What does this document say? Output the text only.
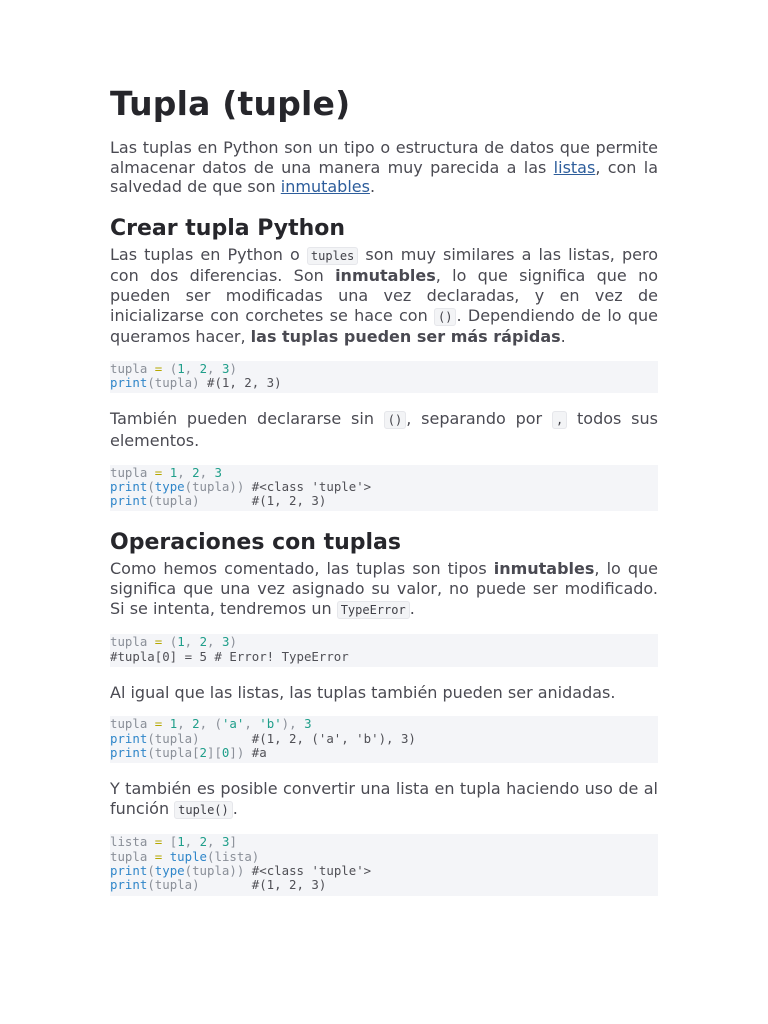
Tupla (tuple)

Las tuplas en Python son un tipo o estructura de datos que permite almacenar datos de una manera muy parecida a las listas, con la salvedad de que son inmutables.

Crear tupla Python

Las tuplas en Python o tuples son muy similares a las listas, pero con dos diferencias. Son inmutables, lo que significa que no pueden ser modificadas una vez declaradas, y en vez de inicializarse con corchetes se hace con () . Dependiendo de lo que queramos hacer, las tuplas pueden ser más rápidas.

tupla = (1, 2, 3)
print(tupla) #(1, 2, 3)

También pueden declararse sin () , separando por , todos sus elementos.

tupla = 1, 2, 3
print(type(tupla)) #<class 'tuple'>
print(tupla)       #(1, 2, 3)
Operaciones con tuplas

Como hemos comentado, las tuplas son tipos inmutables, lo que significa que una vez asignado su valor, no puede ser modificado. Si se intenta, tendremos un TypeError .

tupla = (1, 2, 3)
#tupla[0] = 5 # Error! TypeError

Al igual que las listas, las tuplas también pueden ser anidadas.

tupla = 1, 2, ('a', 'b'), 3
print(tupla)       #(1, 2, ('a', 'b'), 3)
print(tupla[2][0]) #a

Y también es posible convertir una lista en tupla haciendo uso de al función tuple() .

lista = [1, 2, 3]
tupla = tuple(lista)
print(type(tupla)) #<class 'tuple'>
print(tupla)       #(1, 2, 3)
